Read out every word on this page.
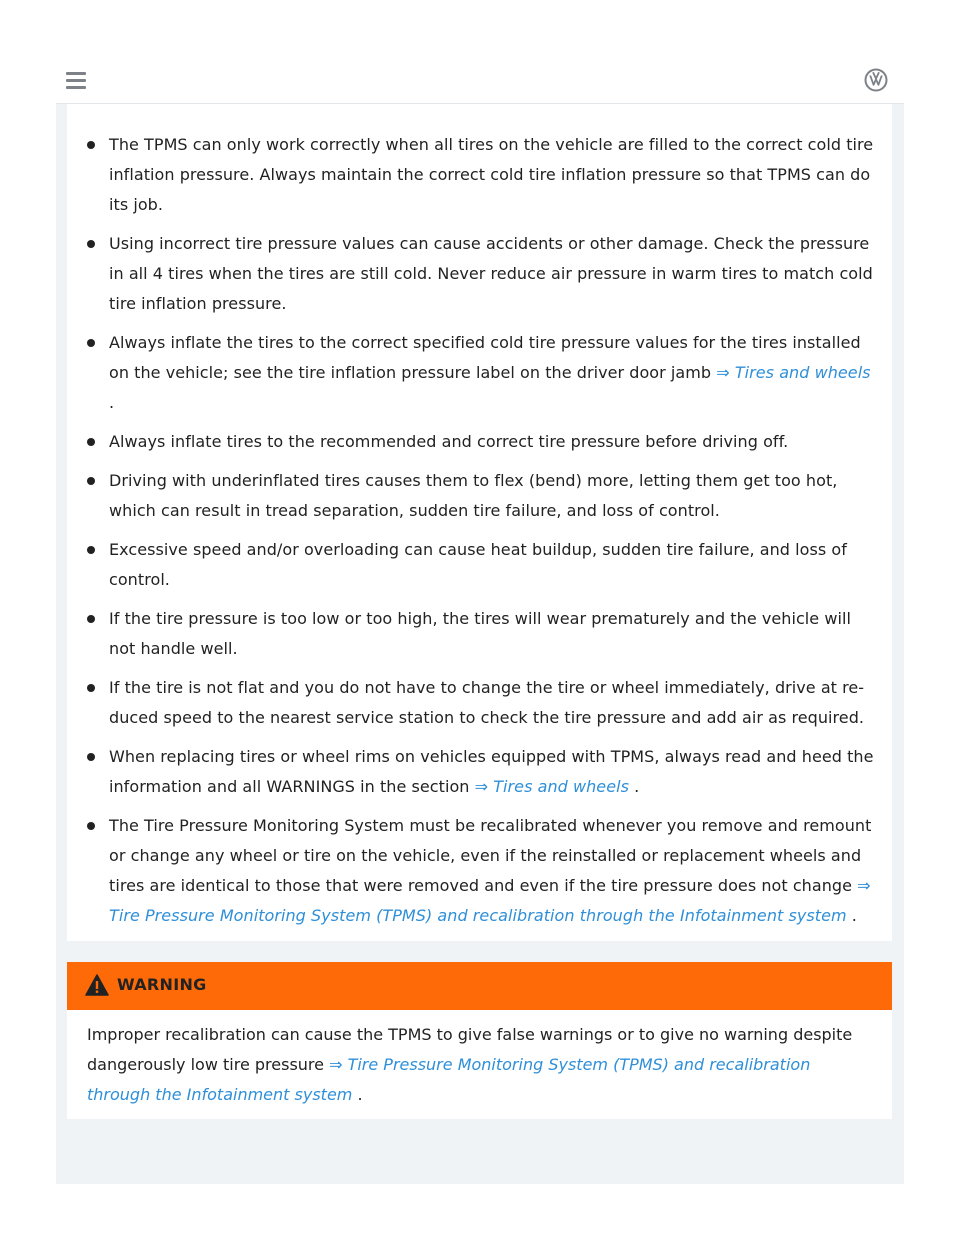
The TPMS can only work correctly when all tires on the vehicle are filled to the correct cold tire inflation pressure. Always maintain the correct cold tire inflation pressure so that TPMS can do its job.
Using incorrect tire pressure values can cause accidents or other damage. Check the pressure in all 4 tires when the tires are still cold. Never reduce air pressure in warm tires to match cold tire inflation pressure.
Always inflate the tires to the correct specified cold tire pressure values for the tires installed on the vehicle; see the tire inflation pressure label on the driver door jamb ⇒ Tires and wheels .
Always inflate tires to the recommended and correct tire pressure before driving off.
Driving with underinflated tires causes them to flex (bend) more, letting them get too hot, which can result in tread separation, sudden tire failure, and loss of control.
Excessive speed and/or overloading can cause heat buildup, sudden tire failure, and loss of control.
If the tire pressure is too low or too high, the tires will wear prematurely and the vehicle will not handle well.
If the tire is not flat and you do not have to change the tire or wheel immediately, drive at re-duced speed to the nearest service station to check the tire pressure and add air as required.
When replacing tires or wheel rims on vehicles equipped with TPMS, always read and heed the information and all WARNINGS in the section ⇒ Tires and wheels .
The Tire Pressure Monitoring System must be recalibrated whenever you remove and remount or change any wheel or tire on the vehicle, even if the reinstalled or replacement wheels and tires are identical to those that were removed and even if the tire pressure does not change ⇒ Tire Pressure Monitoring System (TPMS) and recalibration through the Infotainment system .
WARNING
Improper recalibration can cause the TPMS to give false warnings or to give no warning despite dangerously low tire pressure ⇒ Tire Pressure Monitoring System (TPMS) and recalibration through the Infotainment system .
